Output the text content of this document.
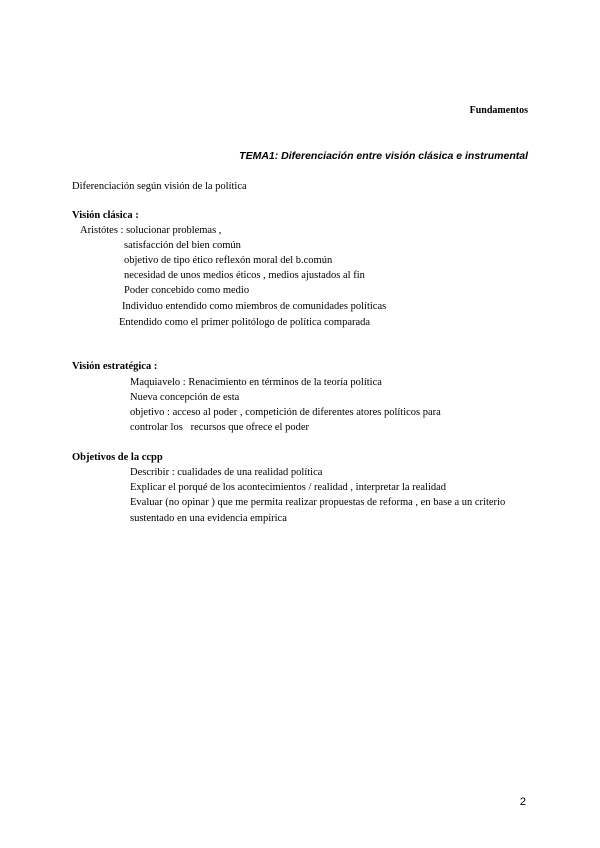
Fundamentos
TEMA1: Diferenciación entre visión clásica e instrumental
Diferenciación según visión de la política
Visión clásica :
Aristótes : solucionar problemas ,
satisfacción del bien común
objetivo de tipo ético reflexón moral del b.común
necesidad de unos medios éticos , medios ajustados al fin
Poder concebido como medio
Individuo entendido como miembros de comunidades políticas
Entendido como el primer politólogo de política comparada
Visión estratégica :
Maquiavelo : Renacimiento en términos de la teoría política
Nueva concepción de esta
objetivo : acceso al poder , competición de diferentes atores políticos para
controlar los   recursos que ofrece el poder
Objetivos de la ccpp
Describir : cualidades de una realidad política
Explicar el porqué de los acontecimientos / realidad , interpretar la realidad
Evaluar (no opinar ) que me permita realizar propuestas de reforma , en base a un criterio
sustentado en una evidencia empírica
2
